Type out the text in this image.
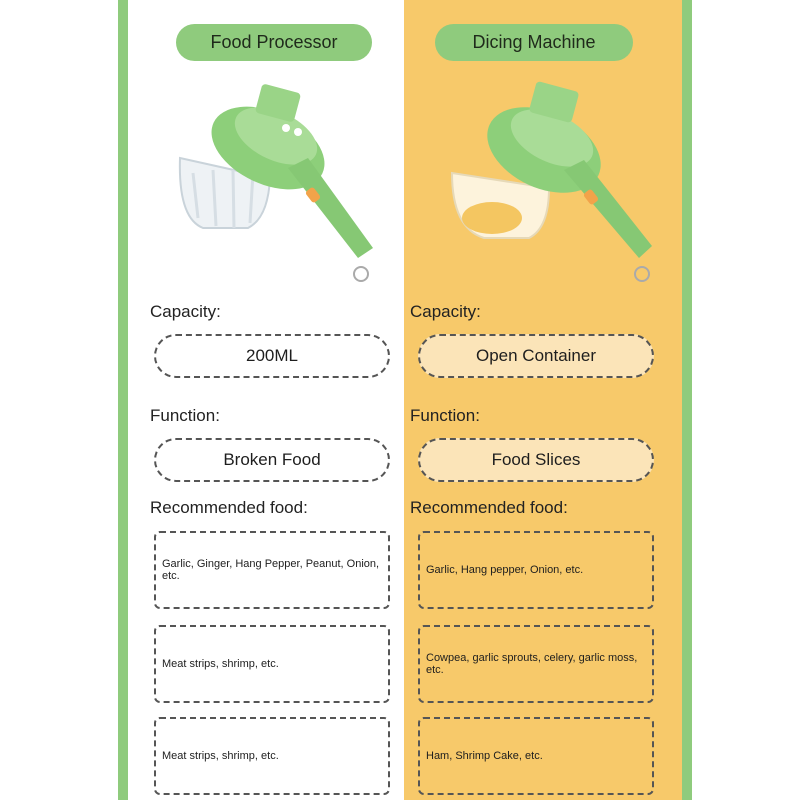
Food Processor
Capacity:
200ML
Function:
Broken Food
Recommended food:
Garlic, Ginger, Hang Pepper, Peanut, Onion, etc.
Meat strips, shrimp, etc.
Meat strips, shrimp, etc.
Dicing Machine
Capacity:
Open Container
Function:
Food Slices
Recommended food:
Garlic, Hang pepper, Onion, etc.
Cowpea, garlic sprouts, celery, garlic moss, etc.
Ham, Shrimp Cake, etc.
